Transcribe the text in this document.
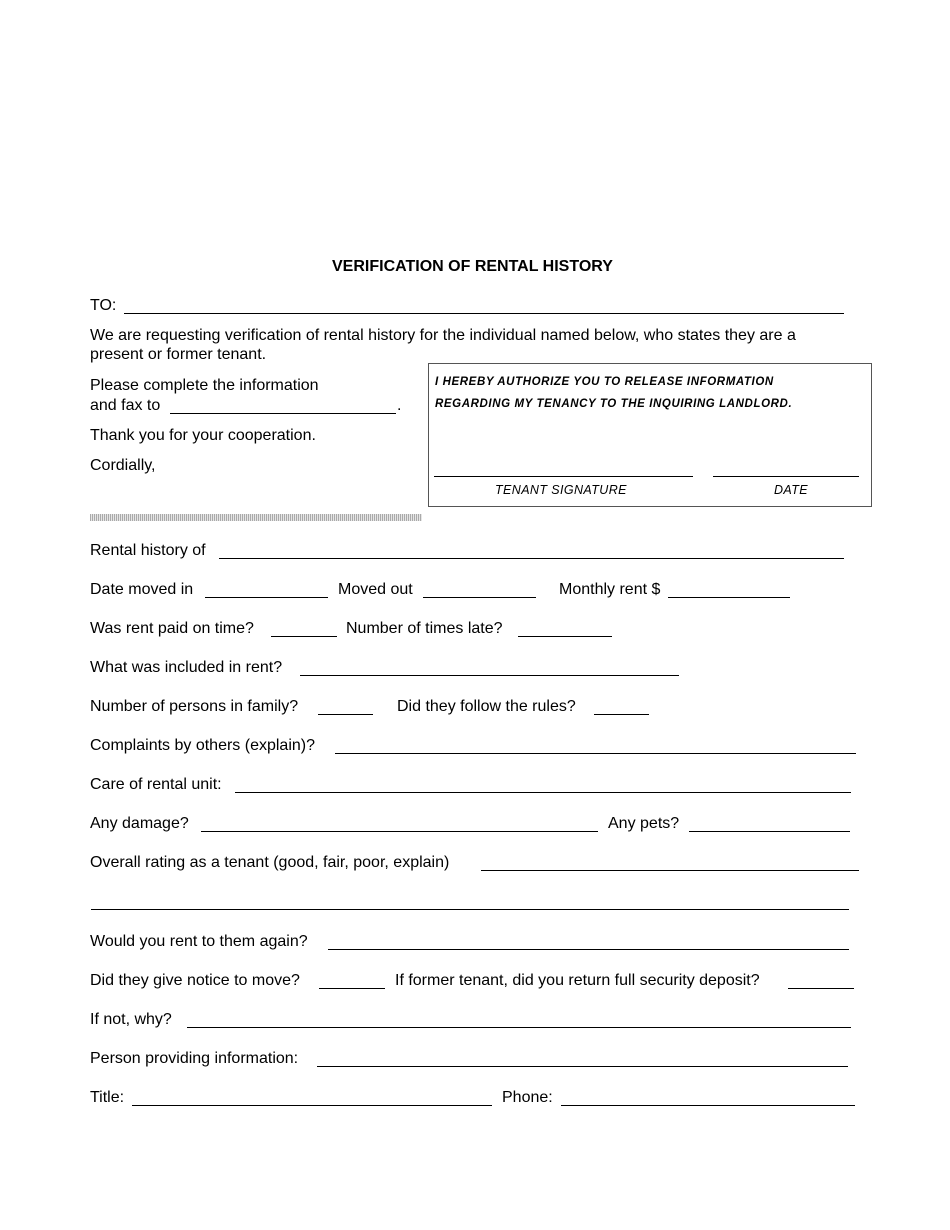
VERIFICATION OF RENTAL HISTORY
TO:
We are requesting verification of rental history for the individual named below, who states they are a
present or former tenant.
Please complete the information
and fax to	.
Thank you for your cooperation.
Cordially,
I HEREBY AUTHORIZE YOU TO RELEASE INFORMATION
REGARDING MY TENANCY TO THE INQUIRING LANDLORD.
TENANT SIGNATURE	DATE
Rental history of
Date moved in	Moved out	Monthly rent $
Was rent paid on time?	Number of times late?
What was included in rent?
Number of persons in family?	Did they follow the rules?
Complaints by others (explain)?
Care of rental unit:
Any damage?	Any pets?
Overall rating as a tenant (good, fair, poor, explain)
Would you rent to them again?
Did they give notice to move?	If former tenant, did you return full security deposit?
If not, why?
Person providing information:
Title:	Phone:
